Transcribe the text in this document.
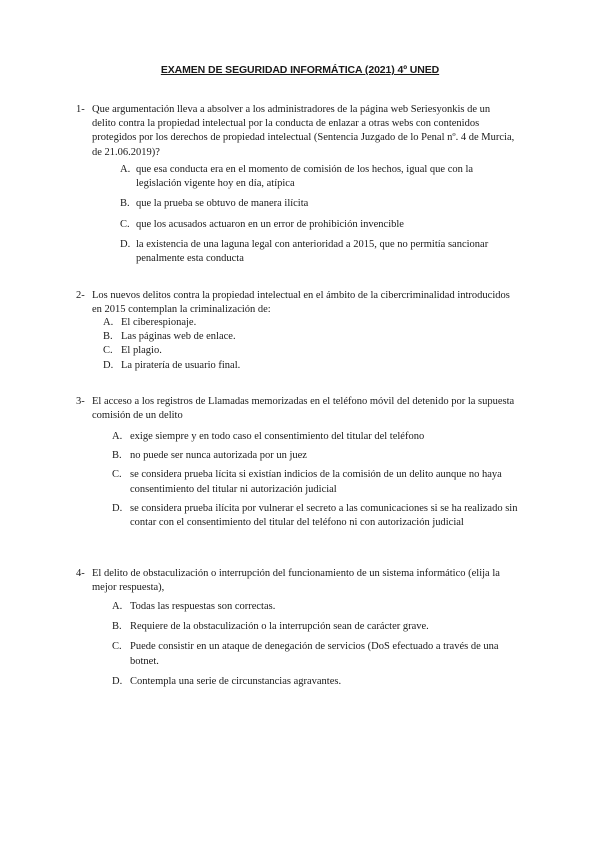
EXAMEN DE SEGURIDAD INFORMÁTICA (2021) 4º UNED
1- Que argumentación lleva a absolver a los administradores de la página web Seriesyonkis de un delito contra la propiedad intelectual por la conducta de enlazar a otras webs con contenidos protegidos por los derechos de propiedad intelectual (Sentencia Juzgado de lo Penal nº. 4 de Murcia, de 21.06.2019)?
A. que esa conducta era en el momento de comisión de los hechos, igual que con la legislación vigente hoy en día, atípica
B. que la prueba se obtuvo de manera ilícita
C. que los acusados actuaron en un error de prohibición invencible
D. la existencia de una laguna legal con anterioridad a 2015, que no permitía sancionar penalmente esta conducta
2- Los nuevos delitos contra la propiedad intelectual en el ámbito de la cibercriminalidad introducidos en 2015 contemplan la criminalización de:
A. El ciberespionaje.
B. Las páginas web de enlace.
C. El plagio.
D. La piratería de usuario final.
3- El acceso a los registros de Llamadas memorizadas en el teléfono móvil del detenido por la supuesta comisión de un delito
A. exige siempre y en todo caso el consentimiento del titular del teléfono
B. no puede ser nunca autorizada por un juez
C. se considera prueba lícita si existían indicios de la comisión de un delito aunque no haya consentimiento del titular ni autorización judicial
D. se considera prueba ilícita por vulnerar el secreto a las comunicaciones si se ha realizado sin contar con el consentimiento del titular del teléfono ni con autorización judicial
4- El delito de obstaculización o interrupción del funcionamiento de un sistema informático (elija la mejor respuesta),
A. Todas las respuestas son correctas.
B. Requiere de la obstaculización o la interrupción sean de carácter grave.
C. Puede consistir en un ataque de denegación de servicios (DoS efectuado a través de una botnet.
D. Contempla una serie de circunstancias agravantes.
